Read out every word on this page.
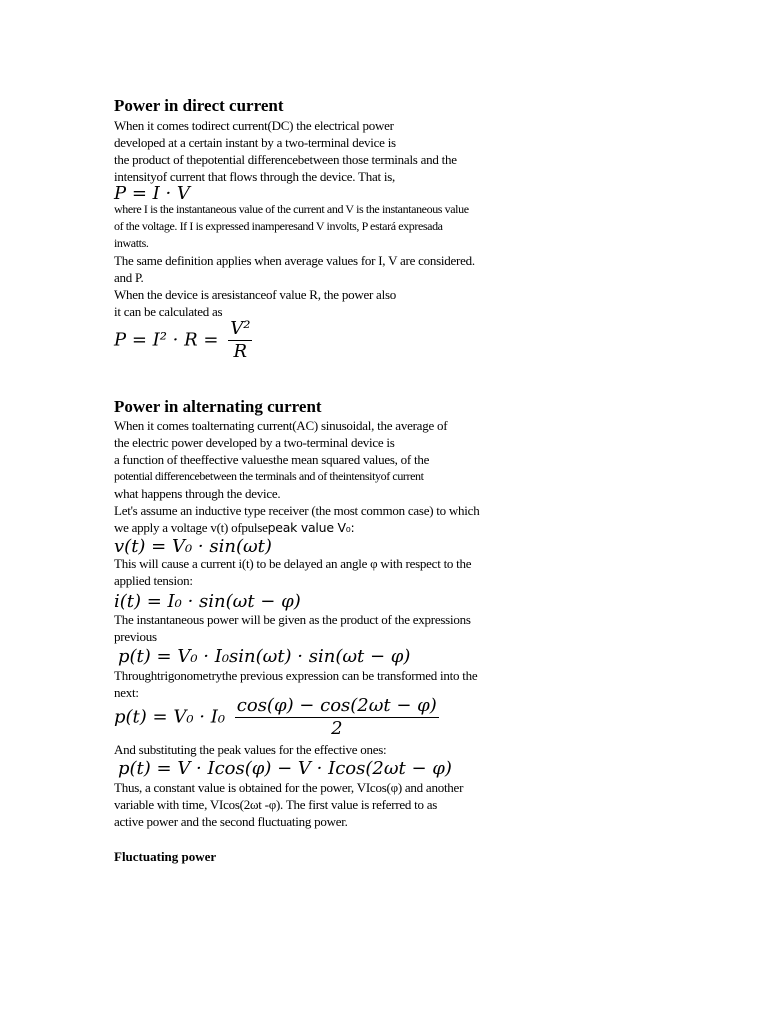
Power in direct current

When it comes todirect current(DC) the electrical power

developed at a certain instant by a two-terminal device is

the product of thepotential differencebetween those terminals and the

intensityof current that flows through the device. That is,

P = I · V

where I is the instantaneous value of the current and V is the instantaneous value

of the voltage. If I is expressed inamperesand V involts, P estará expresada

inwatts.

The same definition applies when average values for I, V are considered.

and P.

When the device is aresistanceof value R, the power also

it can be calculated as

$P = I^2 \cdot R = \frac{\text{V²}}{R}$

Power in alternating current

When it comes toalternating current(AC) sinusoidal, the average of

the electric power developed by a two-terminal device is

a function of theeffective valuesthe mean squared values, of the

potential differencebetween the terminals and of theintensityof current

what happens through the device.

Let's assume an inductive type receiver (the most common case) to which

we apply a voltage v(t) ofpulsepeak value V₀:

v(t) = V₀ · sin(ωt)

This will cause a current i(t) to be delayed an angle φ with respect to the

applied tension:

i(t) = I₀ · sin(ωt − φ)

The instantaneous power will be given as the product of the expressions

previous

p(t) = V₀ · I₀sin(ωt) · sin(ωt − φ)

Throughtrigonometrythe previous expression can be transformed into the

next:

$p(t) = V_0 \cdot I_0 \frac{\cos(\varphi) - \cos(2\omega t - \varphi)}{2}$

And substituting the peak values for the effective ones:

p(t) = V · Icos(φ) − V · Icos(2ωt − φ)

Thus, a constant value is obtained for the power, VIcos(φ) and another

variable with time, VIcos(2ωt -φ). The first value is referred to as

active power and the second fluctuating power.

Fluctuating power
